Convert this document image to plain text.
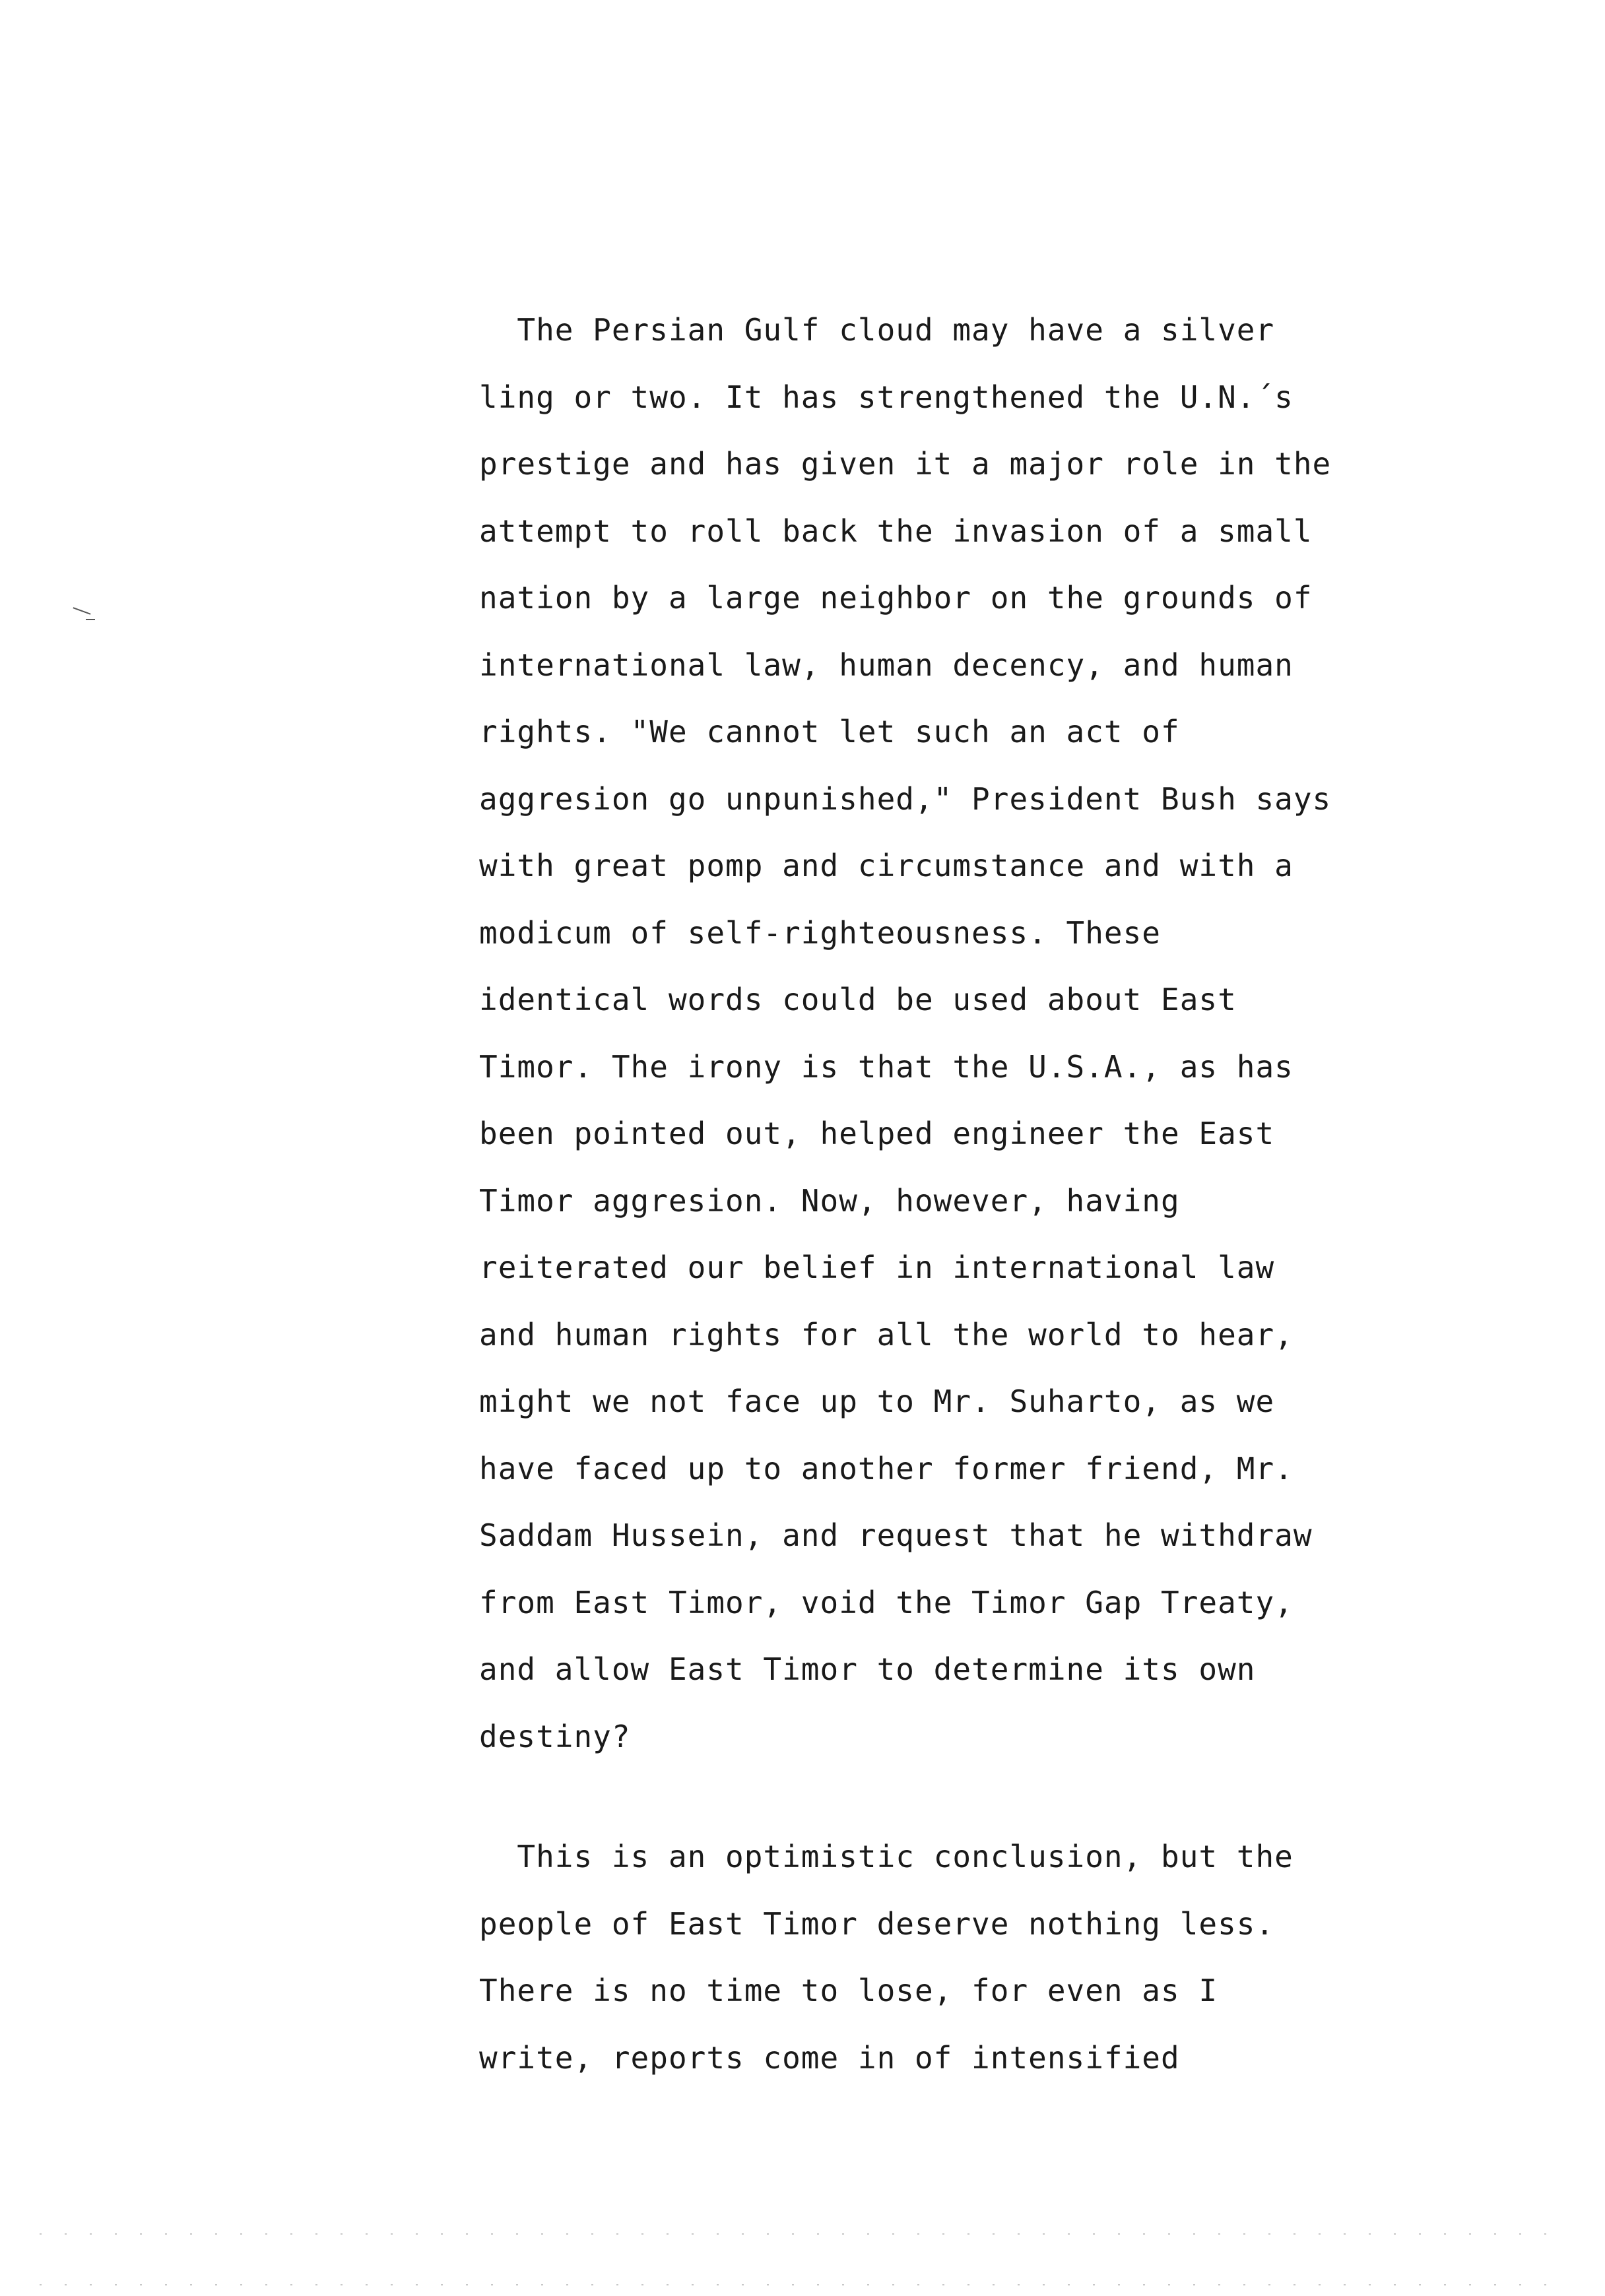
The Persian Gulf cloud may have a silver
ling or two. It has strengthened the U.N.´s
prestige and has given it a major role in the
attempt to roll back the invasion of a small
nation by a large neighbor on the grounds of
international law, human decency, and human
rights. "We cannot let such an act of
aggresion go unpunished," President Bush says
with great pomp and circumstance and with a
modicum of self-righteousness. These
identical words could be used about East
Timor. The irony is that the U.S.A., as has
been pointed out, helped engineer the East
Timor aggresion. Now, however, having
reiterated our belief in international law
and human rights for all the world to hear,
might we not face up to Mr. Suharto, as we
have faced up to another former friend, Mr.
Saddam Hussein, and request that he withdraw
from East Timor, void the Timor Gap Treaty,
and allow East Timor to determine its own
destiny?
This is an optimistic conclusion, but the
people of East Timor deserve nothing less.
There is no time to lose, for even as I
write, reports come in of intensified
